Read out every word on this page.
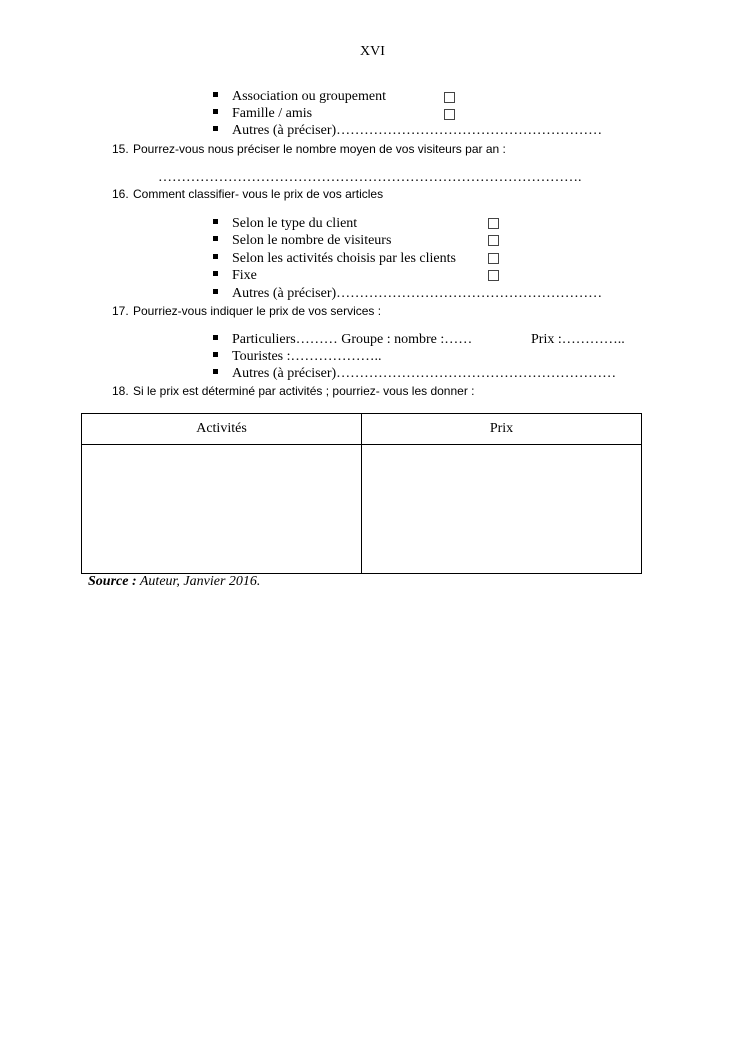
XVI
Association ou groupement
Famille / amis
Autres (à préciser)…………………………………………………
15. Pourrez-vous nous préciser le nombre moyen de vos visiteurs par an :
……………………………………………………………………………….
16. Comment classifier- vous le prix de vos articles
Selon le type du client
Selon le nombre de visiteurs
Selon les activités choisis par les clients
Fixe
Autres (à préciser)…………………………………………………
17. Pourriez-vous indiquer le prix de vos services :
Particuliers……… Groupe : nombre :……	Prix :…………..
Touristes :………………..
Autres (à préciser)……………………………………………………
18. Si le prix est déterminé par activités ; pourriez- vous les donner :
Activités	Prix

Source : Auteur, Janvier 2016.
